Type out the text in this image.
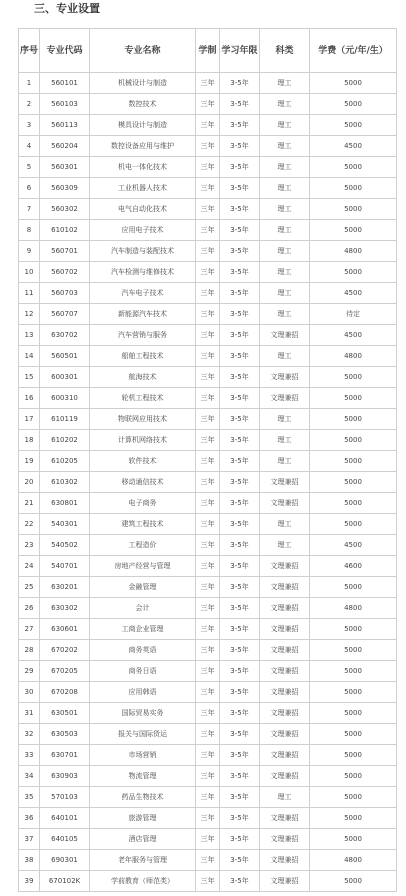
三、专业设置
序号	专业代码	专业名称	学制	学习年限	科类	学费（元/年/生）
1	560101	机械设计与制造	三年	3-5年	理工	5000
2	560103	数控技术	三年	3-5年	理工	5000
3	560113	模具设计与制造	三年	3-5年	理工	5000
4	560204	数控设备应用与维护	三年	3-5年	理工	4500
5	560301	机电一体化技术	三年	3-5年	理工	5000
6	560309	工业机器人技术	三年	3-5年	理工	5000
7	560302	电气自动化技术	三年	3-5年	理工	5000
8	610102	应用电子技术	三年	3-5年	理工	5000
9	560701	汽车制造与装配技术	三年	3-5年	理工	4800
10	560702	汽车检测与维修技术	三年	3-5年	理工	5000
11	560703	汽车电子技术	三年	3-5年	理工	4500
12	560707	新能源汽车技术	三年	3-5年	理工	待定
13	630702	汽车营销与服务	三年	3-5年	文理兼招	4500
14	560501	船舶工程技术	三年	3-5年	理工	4800
15	600301	航海技术	三年	3-5年	文理兼招	5000
16	600310	轮机工程技术	三年	3-5年	文理兼招	5000
17	610119	物联网应用技术	三年	3-5年	理工	5000
18	610202	计算机网络技术	三年	3-5年	理工	5000
19	610205	软件技术	三年	3-5年	理工	5000
20	610302	移动通信技术	三年	3-5年	文理兼招	5000
21	630801	电子商务	三年	3-5年	文理兼招	5000
22	540301	建筑工程技术	三年	3-5年	理工	5000
23	540502	工程造价	三年	3-5年	理工	4500
24	540701	房地产经营与管理	三年	3-5年	文理兼招	4600
25	630201	金融管理	三年	3-5年	文理兼招	5000
26	630302	会计	三年	3-5年	文理兼招	4800
27	630601	工商企业管理	三年	3-5年	文理兼招	5000
28	670202	商务英语	三年	3-5年	文理兼招	5000
29	670205	商务日语	三年	3-5年	文理兼招	5000
30	670208	应用韩语	三年	3-5年	文理兼招	5000
31	630501	国际贸易实务	三年	3-5年	文理兼招	5000
32	630503	报关与国际货运	三年	3-5年	文理兼招	5000
33	630701	市场营销	三年	3-5年	文理兼招	5000
34	630903	物流管理	三年	3-5年	文理兼招	5000
35	570103	药品生物技术	三年	3-5年	理工	5000
36	640101	旅游管理	三年	3-5年	文理兼招	5000
37	640105	酒店管理	三年	3-5年	文理兼招	5000
38	690301	老年服务与管理	三年	3-5年	文理兼招	4800
39	670102K	学前教育（师范类）	三年	3-5年	文理兼招	5000
